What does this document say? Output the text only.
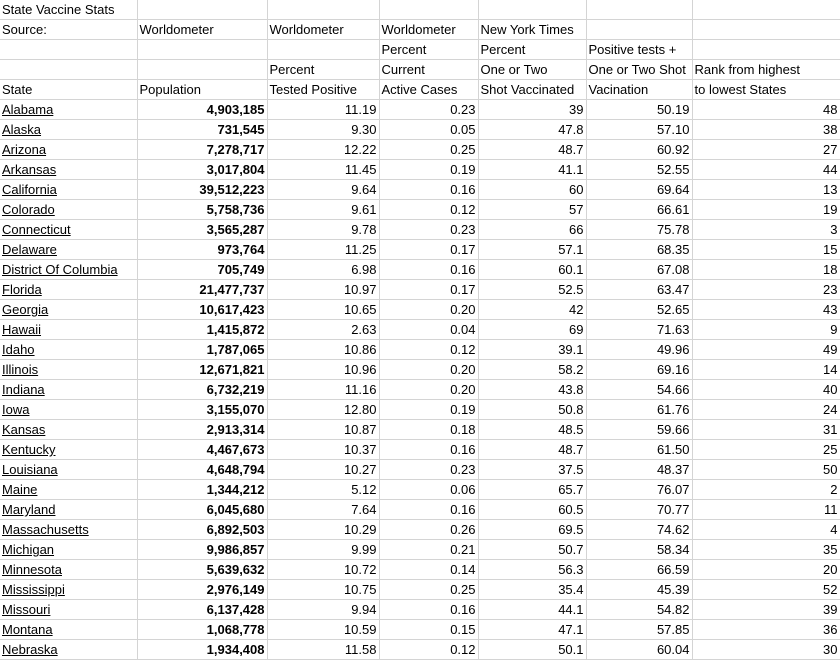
State Vaccine Stats						
Source:	Worldometer	Worldometer	Worldometer	New York Times		
			Percent	Percent	Positive tests +	
		Percent	Current	One or Two	One or Two Shot	Rank from highest
State	Population	Tested Positive	Active Cases	Shot Vaccinated	Vacination	to lowest States
Alabama	4,903,185	11.19	0.23	39	50.19	48
Alaska	731,545	9.30	0.05	47.8	57.10	38
Arizona	7,278,717	12.22	0.25	48.7	60.92	27
Arkansas	3,017,804	11.45	0.19	41.1	52.55	44
California	39,512,223	9.64	0.16	60	69.64	13
Colorado	5,758,736	9.61	0.12	57	66.61	19
Connecticut	3,565,287	9.78	0.23	66	75.78	3
Delaware	973,764	11.25	0.17	57.1	68.35	15
District Of Columbia	705,749	6.98	0.16	60.1	67.08	18
Florida	21,477,737	10.97	0.17	52.5	63.47	23
Georgia	10,617,423	10.65	0.20	42	52.65	43
Hawaii	1,415,872	2.63	0.04	69	71.63	9
Idaho	1,787,065	10.86	0.12	39.1	49.96	49
Illinois	12,671,821	10.96	0.20	58.2	69.16	14
Indiana	6,732,219	11.16	0.20	43.8	54.66	40
Iowa	3,155,070	12.80	0.19	50.8	61.76	24
Kansas	2,913,314	10.87	0.18	48.5	59.66	31
Kentucky	4,467,673	10.37	0.16	48.7	61.50	25
Louisiana	4,648,794	10.27	0.23	37.5	48.37	50
Maine	1,344,212	5.12	0.06	65.7	76.07	2
Maryland	6,045,680	7.64	0.16	60.5	70.77	11
Massachusetts	6,892,503	10.29	0.26	69.5	74.62	4
Michigan	9,986,857	9.99	0.21	50.7	58.34	35
Minnesota	5,639,632	10.72	0.14	56.3	66.59	20
Mississippi	2,976,149	10.75	0.25	35.4	45.39	52
Missouri	6,137,428	9.94	0.16	44.1	54.82	39
Montana	1,068,778	10.59	0.15	47.1	57.85	36
Nebraska	1,934,408	11.58	0.12	50.1	60.04	30
